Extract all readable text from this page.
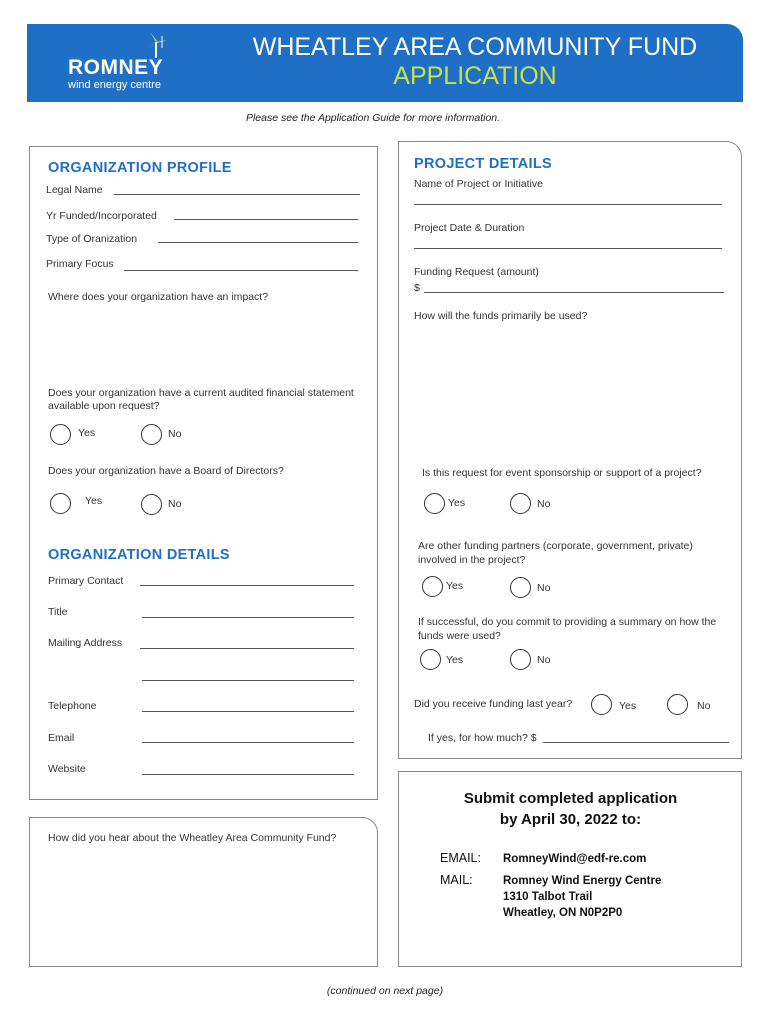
ROMNEY
wind energy centre
WHEATLEY AREA COMMUNITY FUND
APPLICATION
Please see the Application Guide for more information.
ORGANIZATION PROFILE
Legal Name
Yr Funded/Incorporated
Type of Oranization
Primary Focus
Where does your organization have an impact?
Does your organization have a current audited financial statement available upon request?
Yes	No
Does your organization have a Board of Directors?
Yes	No
ORGANIZATION DETAILS
Primary Contact
Title
Mailing Address
Telephone
Email
Website
PROJECT DETAILS
Name of Project or Initiative
Project Date & Duration
Funding Request (amount)
$
How will the funds primarily be used?
Is this request for event sponsorship or support of a project?
Yes	No
Are other funding partners (corporate, government, private) involved in the project?
Yes	No
If successful, do you commit to providing a summary on how the funds were used?
Yes	No
Did you receive funding last year?	Yes	No
If yes, for how much? $
How did you hear about the Wheatley Area Community Fund?
Submit completed application
by April 30, 2022 to:
EMAIL: RomneyWind@edf-re.com
MAIL:	Romney Wind Energy Centre
1310 Talbot Trail
Wheatley, ON N0P2P0
(continued on next page)
